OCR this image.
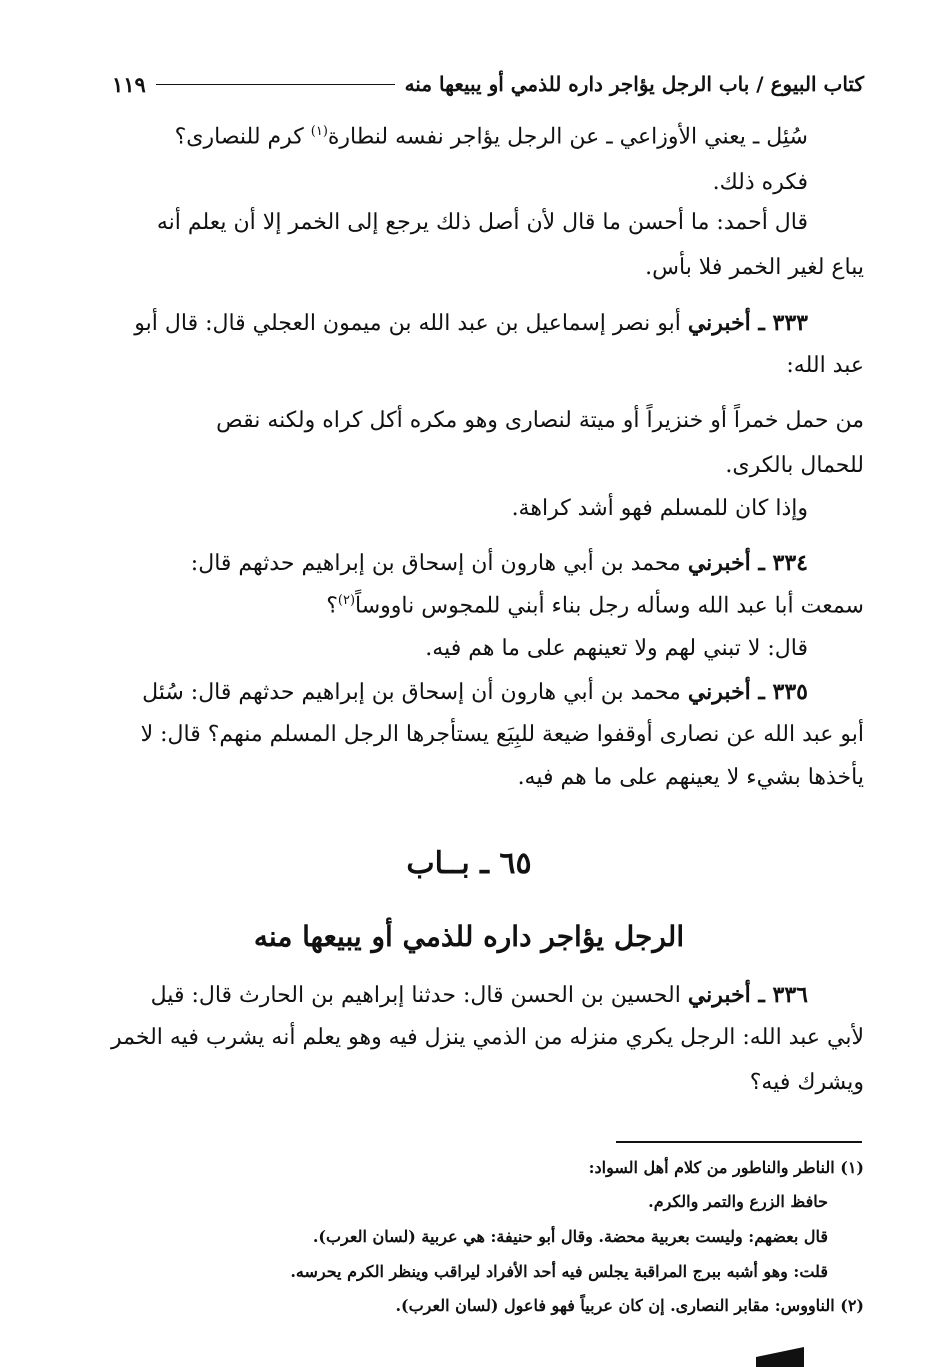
كتاب البيوع / باب الرجل يؤاجر داره للذمي أو يبيعها منه
١١٩
سُئِل ـ يعني الأوزاعي ـ عن الرجل يؤاجر نفسه لنطارة$^{(١)}$ كرم للنصارى؟
فكره ذلك.
قال أحمد: ما أحسن ما قال لأن أصل ذلك يرجع إلى الخمر إلا أن يعلم أنه
يباع لغير الخمر فلا بأس.
٣٣٣ ـ أخبرني أبو نصر إسماعيل بن عبد الله بن ميمون العجلي قال: قال أبو
عبد الله:
من حمل خمراً أو خنزيراً أو ميتة لنصارى وهو مكره أكل كراه ولكنه نقص
للحمال بالكرى.
وإذا كان للمسلم فهو أشد كراهة.
٣٣٤ ـ أخبرني محمد بن أبي هارون أن إسحاق بن إبراهيم حدثهم قال:
سمعت أبا عبد الله وسأله رجل بناء أبني للمجوس ناووساً$^{(٢)}$؟
قال: لا تبني لهم ولا تعينهم على ما هم فيه.
٣٣٥ ـ أخبرني محمد بن أبي هارون أن إسحاق بن إبراهيم حدثهم قال: سُئل
أبو عبد الله عن نصارى أوقفوا ضيعة للبِيَع يستأجرها الرجل المسلم منهم؟ قال: لا
يأخذها بشيء لا يعينهم على ما هم فيه.
٦٥ ـ بــاب
الرجل يؤاجر داره للذمي أو يبيعها منه
٣٣٦ ـ أخبرني الحسين بن الحسن قال: حدثنا إبراهيم بن الحارث قال: قيل
لأبي عبد الله: الرجل يكري منزله من الذمي ينزل فيه وهو يعلم أنه يشرب فيه الخمر
ويشرك فيه؟
(١) الناطر والناطور من كلام أهل السواد:
حافظ الزرع والتمر والكرم.
قال بعضهم: وليست بعربية محضة. وقال أبو حنيفة: هي عربية (لسان العرب).
قلت: وهو أشبه ببرج المراقبة يجلس فيه أحد الأفراد ليراقب وينظر الكرم يحرسه.
(٢) الناووس: مقابر النصارى. إن كان عربياً فهو فاعول (لسان العرب).
